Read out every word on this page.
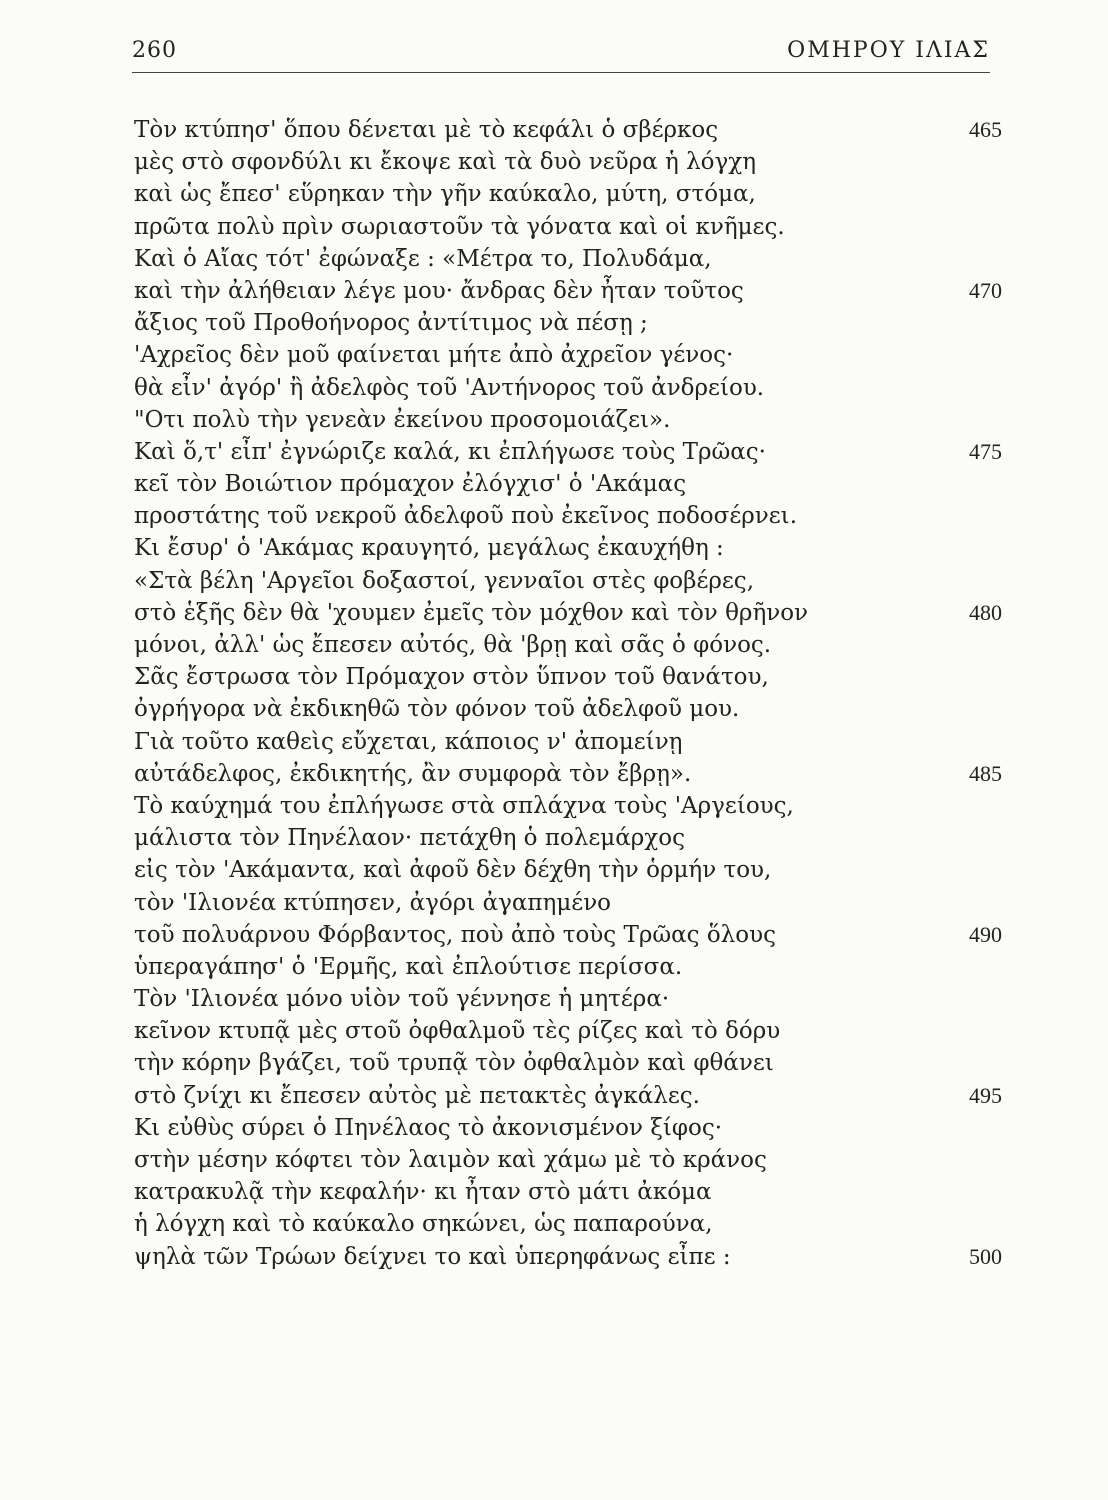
260	ΟΜΗΡΟΥ ΙΛΙΑΣ
Τὸν κτύπησ' ὅπου δένεται μὲ τὸ κεφάλι ὁ σβέρκος	465
μὲς στὸ σφονδύλι κι ἔκοψε καὶ τὰ δυὸ νεῦρα ἡ λόγχη
καὶ ὡς ἔπεσ' εὕρηκαν τὴν γῆν καύκαλο, μύτη, στόμα,
πρῶτα πολὺ πρὶν σωριαστοῦν τὰ γόνατα καὶ οἱ κνῆμες.
Καὶ ὁ Αἴας τότ' ἐφώναξε : «Μέτρα το, Πολυδάμα,
καὶ τὴν ἀλήθειαν λέγε μου· ἄνδρας δὲν ἦταν τοῦτος	470
ἄξιος τοῦ Προθοήνορος ἀντίτιμος νὰ πέσῃ ;
'Αχρεῖος δὲν μοῦ φαίνεται μήτε ἀπὸ ἀχρεῖον γένος·
θὰ εἶν' ἀγόρ' ἢ ἀδελφὸς τοῦ 'Αντήνορος τοῦ ἀνδρείου.
"Οτι πολὺ τὴν γενεὰν ἐκείνου προσομοιάζει».
Καὶ ὅ,τ' εἶπ' ἐγνώριζε καλά, κι ἐπλήγωσε τοὺς Τρῶας·	475
κεῖ τὸν Βοιώτιον πρόμαχον ἐλόγχισ' ὁ 'Ακάμας
προστάτης τοῦ νεκροῦ ἀδελφοῦ ποὺ ἐκεῖνος ποδοσέρνει.
Κι ἔσυρ' ὁ 'Ακάμας κραυγητό, μεγάλως ἐκαυχήθη :
«Στὰ βέλη 'Αργεῖοι δοξαστοί, γενναῖοι στὲς φοβέρες,
στὸ ἑξῆς δὲν θὰ 'χουμεν ἐμεῖς τὸν μόχθον καὶ τὸν θρῆνον	480
μόνοι, ἀλλ' ὡς ἔπεσεν αὐτός, θὰ 'βρῃ καὶ σᾶς ὁ φόνος.
Σᾶς ἔστρωσα τὸν Πρόμαχον στὸν ὕπνον τοῦ θανάτου,
ὀγρήγορα νὰ ἐκδικηθῶ τὸν φόνον τοῦ ἀδελφοῦ μου.
Γιὰ τοῦτο καθεὶς εὔχεται, κάποιος ν' ἀπομείνῃ
αὐτάδελφος, ἐκδικητής, ἂν συμφορὰ τὸν ἔβρῃ».	485
Τὸ καύχημά του ἐπλήγωσε στὰ σπλάχνα τοὺς 'Αργείους,
μάλιστα τὸν Πηνέλαον· πετάχθη ὁ πολεμάρχος
εἰς τὸν 'Ακάμαντα, καὶ ἀφοῦ δὲν δέχθη τὴν ὁρμήν του,
τὸν 'Ιλιονέα κτύπησεν, ἀγόρι ἀγαπημένο
τοῦ πολυάρνου Φόρβαντος, ποὺ ἀπὸ τοὺς Τρῶας ὅλους	490
ὑπεραγάπησ' ὁ 'Ερμῆς, καὶ ἐπλούτισε περίσσα.
Τὸν 'Ιλιονέα μόνο υἱὸν τοῦ γέννησε ἡ μητέρα·
κεῖνον κτυπᾷ μὲς στοῦ ὀφθαλμοῦ τὲς ρίζες καὶ τὸ δόρυ
τὴν κόρην βγάζει, τοῦ τρυπᾷ τὸν ὀφθαλμὸν καὶ φθάνει
στὸ ζνίχι κι ἔπεσεν αὐτὸς μὲ πετακτὲς ἀγκάλες.	495
Κι εὐθὺς σύρει ὁ Πηνέλαος τὸ ἀκονισμένον ξίφος·
στὴν μέσην κόφτει τὸν λαιμὸν καὶ χάμω μὲ τὸ κράνος
κατρακυλᾷ τὴν κεφαλήν· κι ἦταν στὸ μάτι ἀκόμα
ἡ λόγχη καὶ τὸ καύκαλο σηκώνει, ὡς παπαρούνα,
ψηλὰ τῶν Τρώων δείχνει το καὶ ὑπερηφάνως εἶπε :	500
